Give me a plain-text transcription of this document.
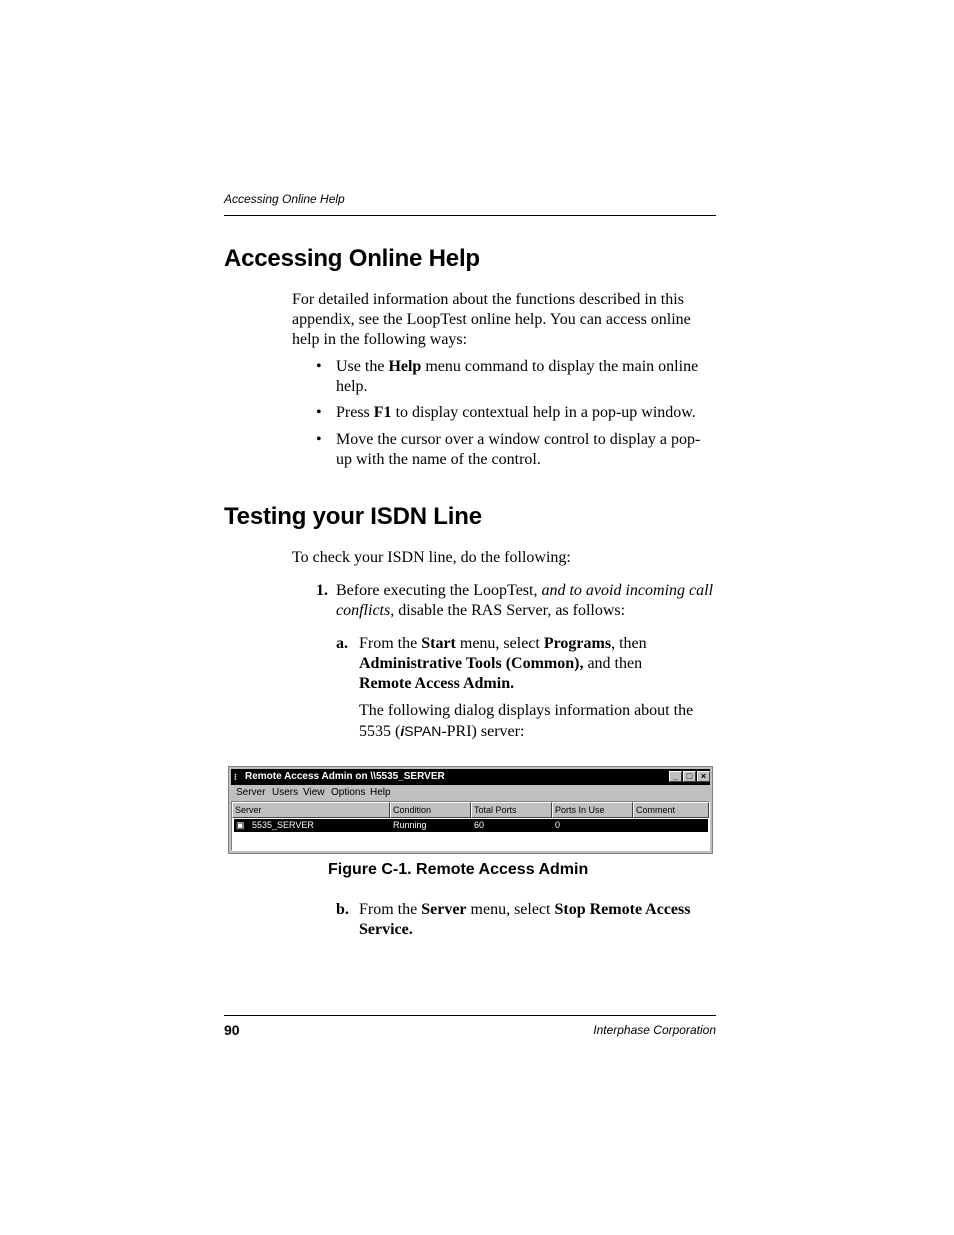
Accessing Online Help
Accessing Online Help
For detailed information about the functions described in this appendix, see the LoopTest online help. You can access online help in the following ways:
• Use the Help menu command to display the main online help.
• Press F1 to display contextual help in a pop-up window.
• Move the cursor over a window control to display a pop-up with the name of the control.
Testing your ISDN Line
To check your ISDN line, do the following:
1. Before executing the LoopTest, and to avoid incoming call conflicts, disable the RAS Server, as follows:
a. From the Start menu, select Programs, then
Administrative Tools (Common), and then
Remote Access Admin.
The following dialog displays information about the 5535 (iSPAN-PRI) server:
⁝ Remote Access Admin on \\5535_SERVER	_ □ ×
Server Users View Options Help
Server	Condition	Total Ports	Ports In Use	Comment
▣ 5535_SERVER	Running	60	0
Figure C-1. Remote Access Admin
b. From the Server menu, select Stop Remote Access Service.
90	Interphase Corporation
